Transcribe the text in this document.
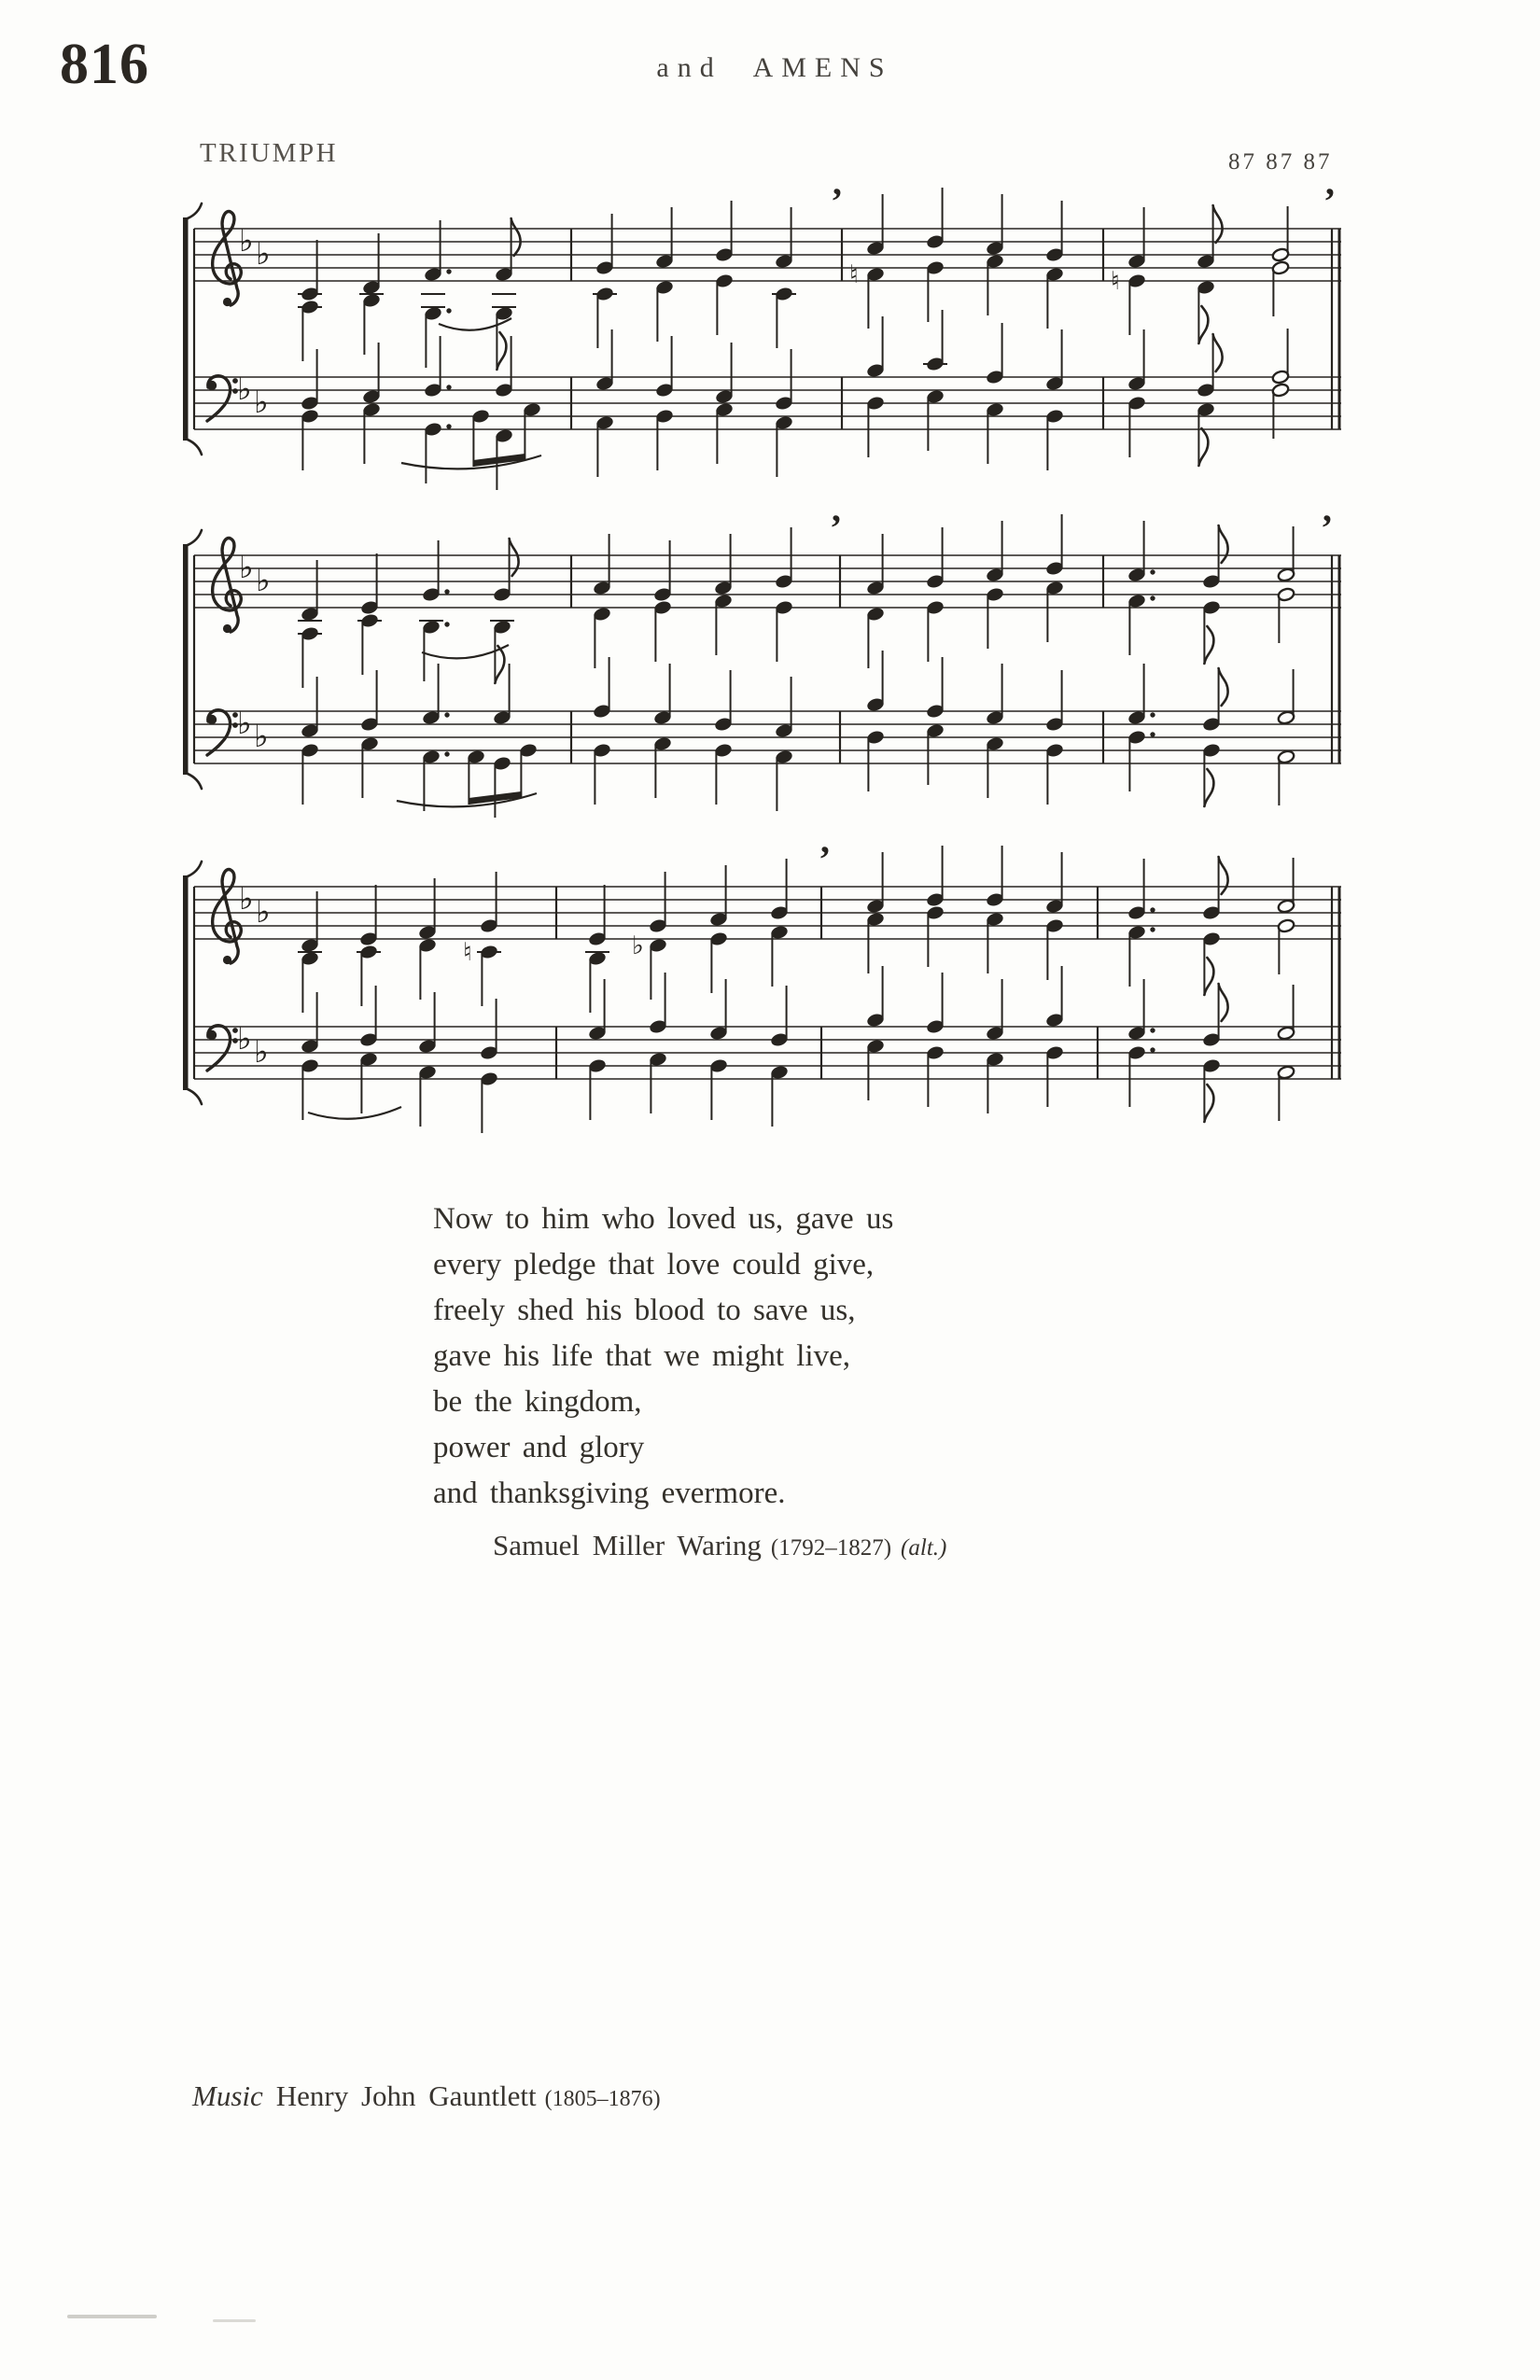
816	and AMENS
TRIUMPH	87 87 87
♭
♭
♭
♭
♮	♮
’	’
♭
♭
♭
♭
’	’
♭
♭
♭
♭
♮	♭
’
Now to him who loved us, gave us
every pledge that love could give,
freely shed his blood to save us,
gave his life that we might live,
be the kingdom,
power and glory
and thanksgiving evermore.
Samuel Miller Waring (1792–1827) (alt.)
Music Henry John Gauntlett (1805–1876)
